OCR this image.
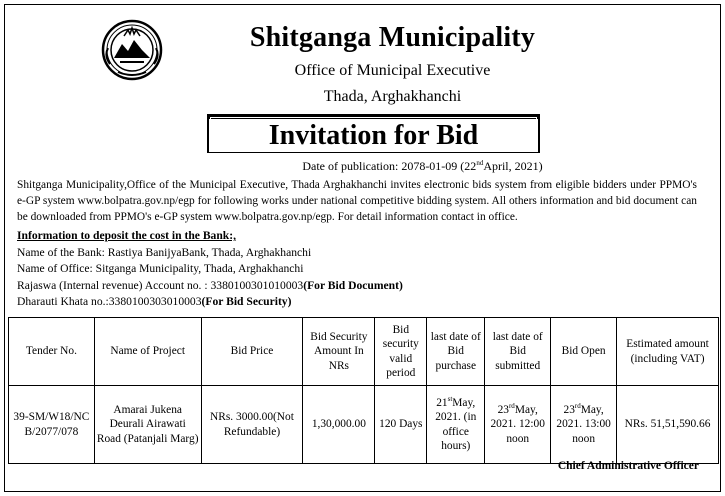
Shitganga Municipality
Office of Municipal Executive
Thada, Arghakhanchi
Invitation for Bid
Date of publication: 2078-01-09 (22ndApril, 2021)
Shitganga Municipality,Office of the Municipal Executive, Thada Arghakhanchi invites electronic bids system from eligible bidders under PPMO's e-GP system www.bolpatra.gov.np/egp for following works under national competitive bidding system. All others information and bid document can be downloaded from PPMO's e-GP system www.bolpatra.gov.np/egp. For detail information contact in office.
Information to deposit the cost in the Bank:,
Name of the Bank: Rastiya BanijyaBank, Thada, Arghakhanchi
Name of Office: Sitganga Municipality, Thada, Arghakhanchi
Rajaswa (Internal revenue) Account no. : 3380100301010003(For Bid Document)
Dharauti Khata no.:3380100303010003(For Bid Security)
Tender No.	Name of Project	Bid Price	Bid Security Amount In NRs	Bid security valid period	last date of Bid purchase	last date of Bid submitted	Bid Open	Estimated amount (including VAT)
39-SM/W18/NCB/2077/078	Amarai Jukena Deurali Airawati Road (Patanjali Marg)	NRs. 3000.00(Not Refundable)	1,30,000.00	120 Days	21stMay, 2021. (in office hours)	23rdMay, 2021. 12:00 noon	23rdMay, 2021. 13:00 noon	NRs. 51,51,590.66
Chief Administrative Officer
